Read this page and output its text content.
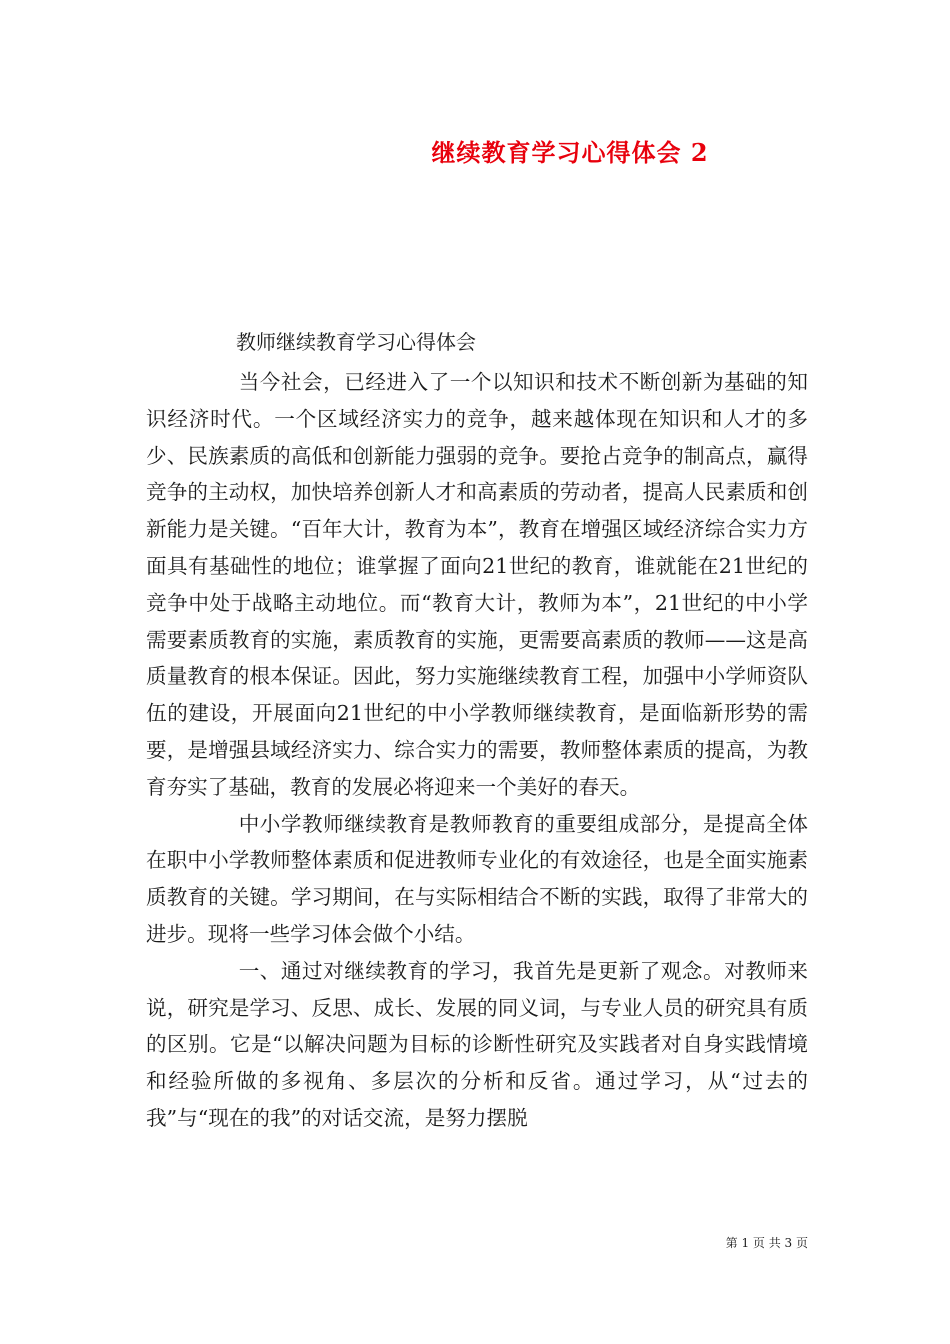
继续教育学习心得体会 2
教师继续教育学习心得体会

当今社会，已经进入了一个以知识和技术不断创新为基础的知识经济时代。一个区域经济实力的竞争，越来越体现在知识和人才的多少、民族素质的高低和创新能力强弱的竞争。要抢占竞争的制高点，赢得竞争的主动权，加快培养创新人才和高素质的劳动者，提高人民素质和创新能力是关键。“百年大计，教育为本”，教育在增强区域经济综合实力方面具有基础性的地位；谁掌握了面向21世纪的教育，谁就能在21世纪的竞争中处于战略主动地位。而“教育大计，教师为本”，21世纪的中小学需要素质教育的实施，素质教育的实施，更需要高素质的教师——这是高质量教育的根本保证。因此，努力实施继续教育工程，加强中小学师资队伍的建设，开展面向21世纪的中小学教师继续教育，是面临新形势的需要，是增强县域经济实力、综合实力的需要，教师整体素质的提高，为教育夯实了基础，教育的发展必将迎来一个美好的春天。

中小学教师继续教育是教师教育的重要组成部分，是提高全体在职中小学教师整体素质和促进教师专业化的有效途径，也是全面实施素质教育的关键。学习期间，在与实际相结合不断的实践，取得了非常大的进步。现将一些学习体会做个小结。

一、通过对继续教育的学习，我首先是更新了观念。对教师来说，研究是学习、反思、成长、发展的同义词，与专业人员的研究具有质的区别。它是“以解决问题为目标的诊断性研究及实践者对自身实践情境和经验所做的多视角、多层次的分析和反省。通过学习，从“过去的我”与“现在的我”的对话交流，是努力摆脱

第 1 页 共 3 页
